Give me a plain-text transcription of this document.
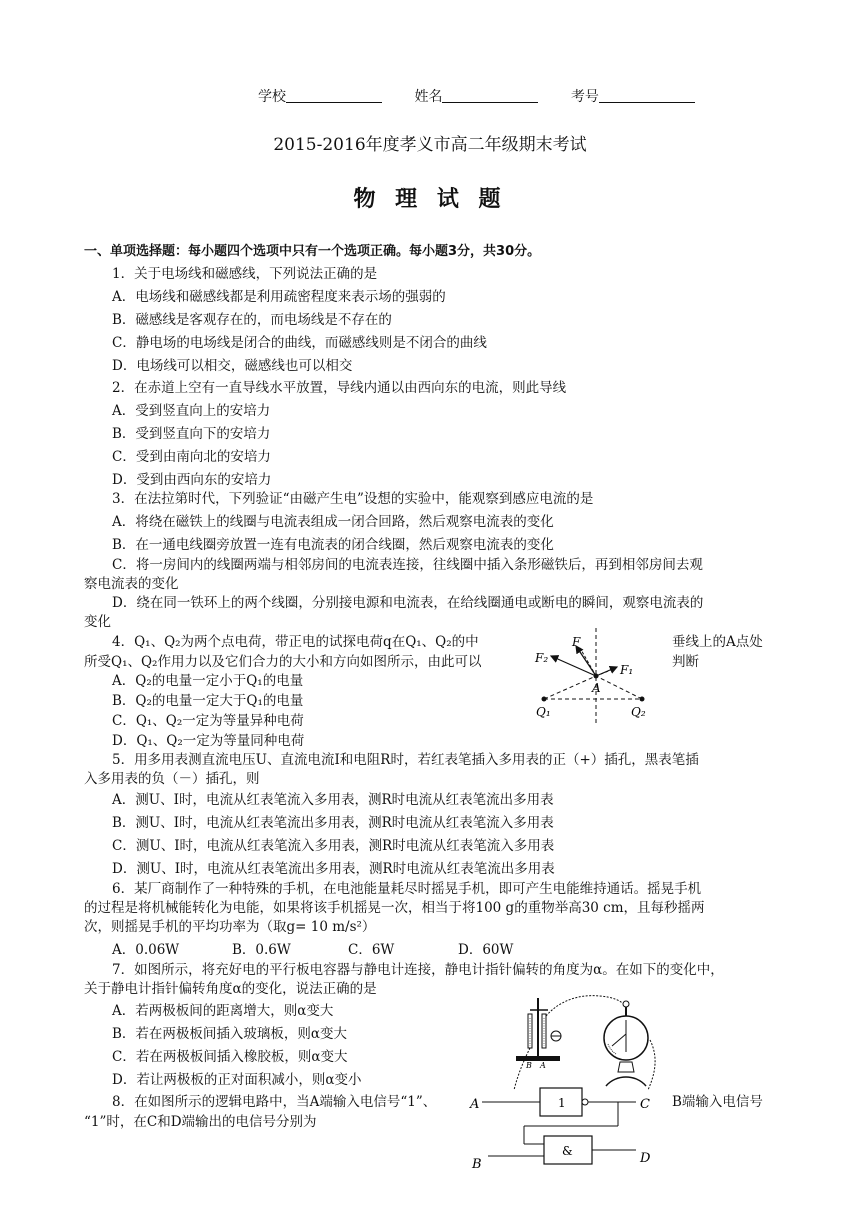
学校	姓名	考号
2015-2016年度孝义市高二年级期末考试
物 理 试 题
一、单项选择题：每小题四个选项中只有一个选项正确。每小题3分，共30分。
1．关于电场线和磁感线，下列说法正确的是
A．电场线和磁感线都是利用疏密程度来表示场的强弱的
B．磁感线是客观存在的，而电场线是不存在的
C．静电场的电场线是闭合的曲线，而磁感线则是不闭合的曲线
D．电场线可以相交，磁感线也可以相交
2．在赤道上空有一直导线水平放置，导线内通以由西向东的电流，则此导线
A．受到竖直向上的安培力
B．受到竖直向下的安培力
C．受到由南向北的安培力
D．受到由西向东的安培力
3．在法拉第时代，下列验证“由磁产生电”设想的实验中，能观察到感应电流的是
A．将绕在磁铁上的线圈与电流表组成一闭合回路，然后观察电流表的变化
B．在一通电线圈旁放置一连有电流表的闭合线圈，然后观察电流表的变化
C．将一房间内的线圈两端与相邻房间的电流表连接，往线圈中插入条形磁铁后，再到相邻房间去观
察电流表的变化
D．绕在同一铁环上的两个线圈，分别接电源和电流表，在给线圈通电或断电的瞬间，观察电流表的
变化
4．Q₁、Q₂为两个点电荷，带正电的试探电荷q在Q₁、Q₂的中	垂线上的A点处
所受Q₁、Q₂作用力以及它们合力的大小和方向如图所示，由此可以	判断
A．Q₂的电量一定小于Q₁的电量
B．Q₂的电量一定大于Q₁的电量
C．Q₁、Q₂一定为等量异种电荷
D．Q₁、Q₂一定为等量同种电荷
F
F₂
F₁
A
Q₁	Q₂
5．用多用表测直流电压U、直流电流I和电阻R时，若红表笔插入多用表的正（+）插孔，黑表笔插
入多用表的负（－）插孔，则
A．测U、I时，电流从红表笔流入多用表，测R时电流从红表笔流出多用表
B．测U、I时，电流从红表笔流出多用表，测R时电流从红表笔流入多用表
C．测U、I时，电流从红表笔流入多用表，测R时电流从红表笔流入多用表
D．测U、I时，电流从红表笔流出多用表，测R时电流从红表笔流出多用表
6．某厂商制作了一种特殊的手机，在电池能量耗尽时摇晃手机，即可产生电能维持通话。摇晃手机
的过程是将机械能转化为电能，如果将该手机摇晃一次，相当于将100 g的重物举高30 cm，且每秒摇两
次，则摇晃手机的平均功率为（取g= 10 m/s²）
A．0.06W	B．0.6W	C．6W	D．60W
7．如图所示，将充好电的平行板电容器与静电计连接，静电计指针偏转的角度为α。在如下的变化中，
关于静电计指针偏转角度α的变化，说法正确的是
A．若两极板间的距离增大，则α变大
B．若在两极板间插入玻璃板，则α变大
C．若在两极板间插入橡胶板，则α变大
D．若让两极板的正对面积减小，则α变小
B A
8．在如图所示的逻辑电路中，当A端输入电信号“1”、	B端输入电信号
“1”时，在C和D端输出的电信号分别为
1
A	C
&
B	D
